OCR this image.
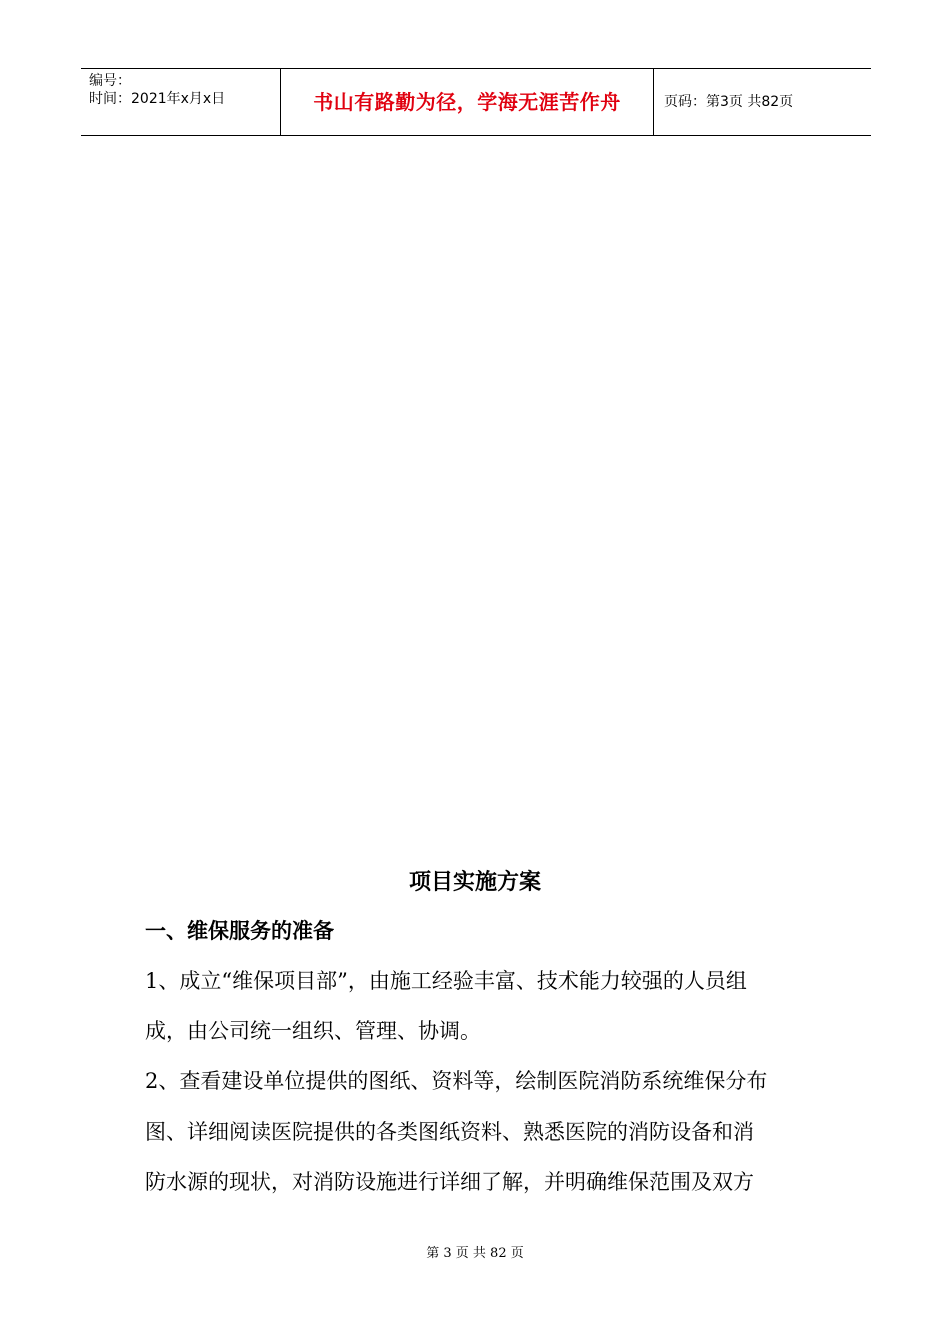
编号：
时间：2021年x月x日	书山有路勤为径，学海无涯苦作舟	页码：第3页 共82页
项目实施方案
一、维保服务的准备
1、成立“维保项目部”，由施工经验丰富、技术能力较强的人员组
成，由公司统一组织、管理、协调。
2、查看建设单位提供的图纸、资料等，绘制医院消防系统维保分布
图、详细阅读医院提供的各类图纸资料、熟悉医院的消防设备和消
防水源的现状，对消防设施进行详细了解，并明确维保范围及双方
第 3 页 共 82 页
